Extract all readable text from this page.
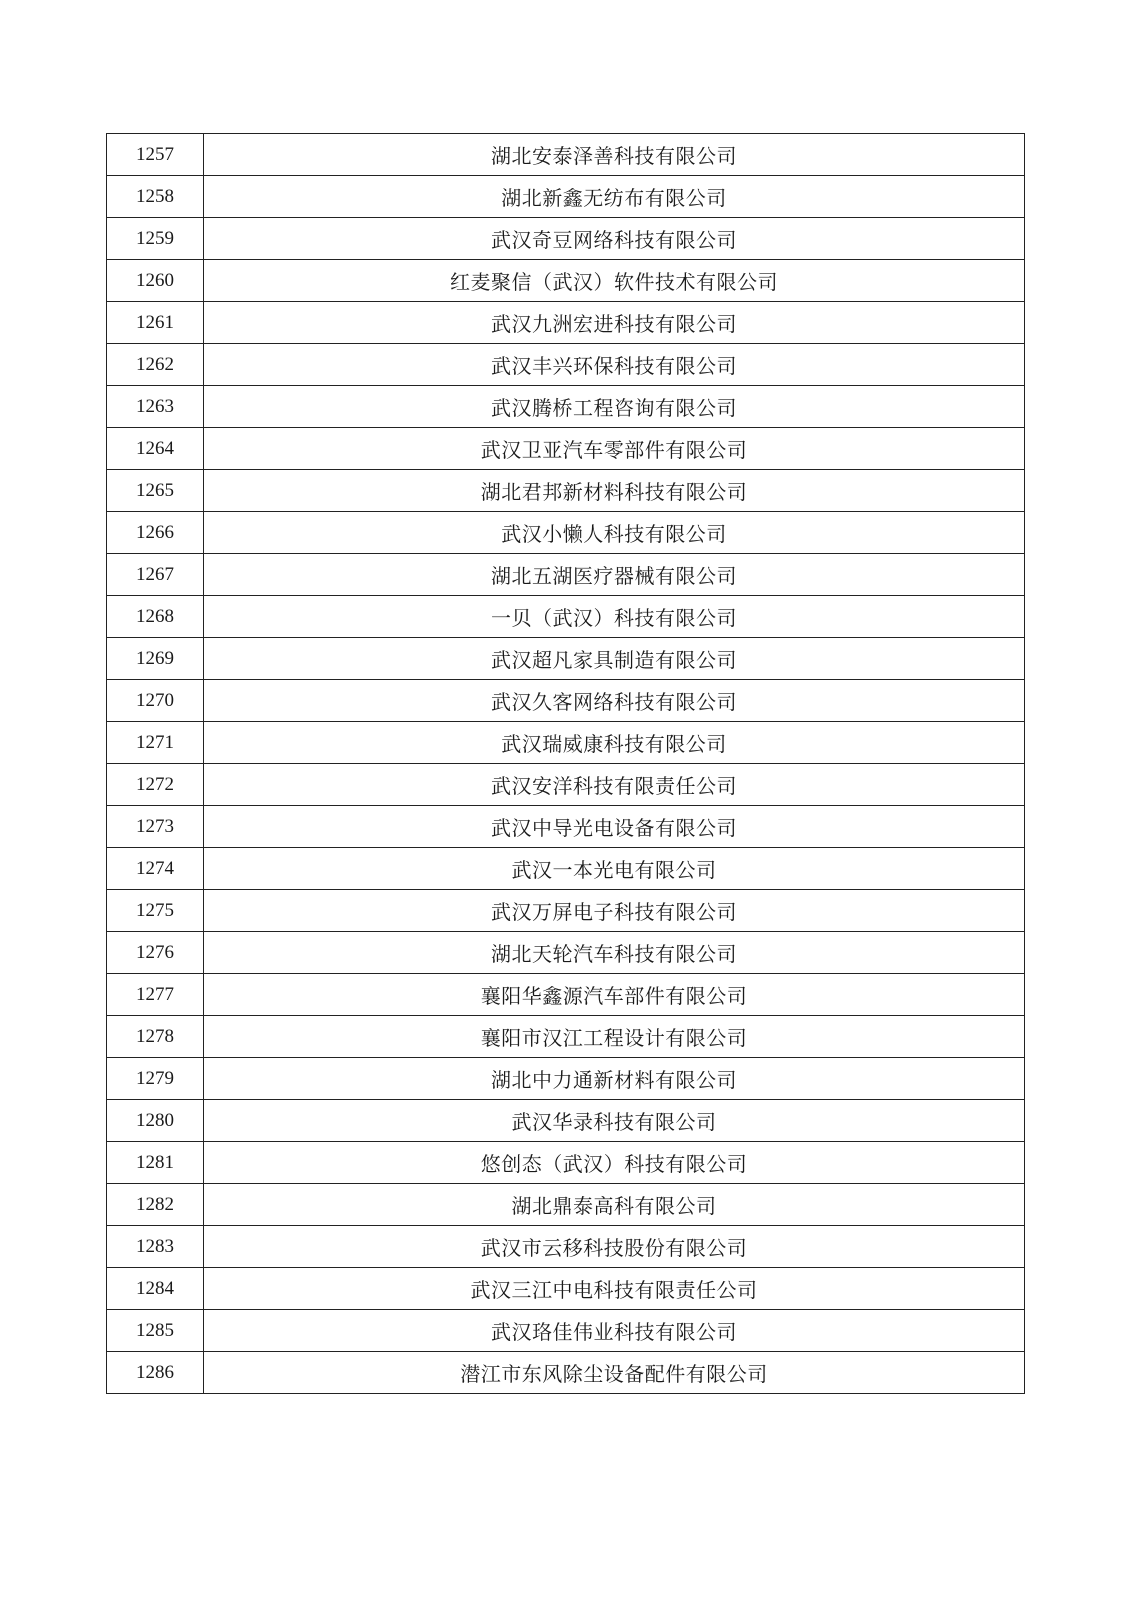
1257	湖北安泰泽善科技有限公司
1258	湖北新鑫无纺布有限公司
1259	武汉奇豆网络科技有限公司
1260	红麦聚信（武汉）软件技术有限公司
1261	武汉九洲宏进科技有限公司
1262	武汉丰兴环保科技有限公司
1263	武汉腾桥工程咨询有限公司
1264	武汉卫亚汽车零部件有限公司
1265	湖北君邦新材料科技有限公司
1266	武汉小懒人科技有限公司
1267	湖北五湖医疗器械有限公司
1268	一贝（武汉）科技有限公司
1269	武汉超凡家具制造有限公司
1270	武汉久客网络科技有限公司
1271	武汉瑞威康科技有限公司
1272	武汉安洋科技有限责任公司
1273	武汉中导光电设备有限公司
1274	武汉一本光电有限公司
1275	武汉万屏电子科技有限公司
1276	湖北天轮汽车科技有限公司
1277	襄阳华鑫源汽车部件有限公司
1278	襄阳市汉江工程设计有限公司
1279	湖北中力通新材料有限公司
1280	武汉华录科技有限公司
1281	悠创态（武汉）科技有限公司
1282	湖北鼎泰高科有限公司
1283	武汉市云移科技股份有限公司
1284	武汉三江中电科技有限责任公司
1285	武汉珞佳伟业科技有限公司
1286	潜江市东风除尘设备配件有限公司
